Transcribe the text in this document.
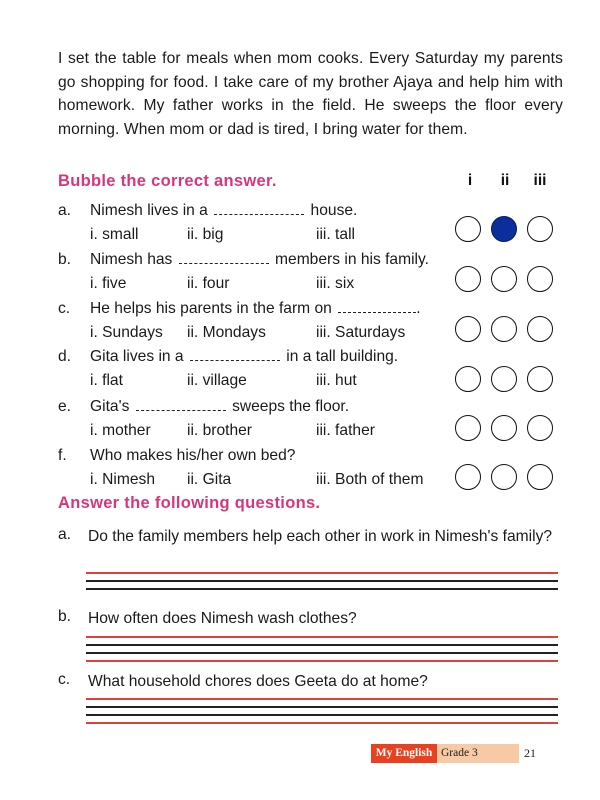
I set the table for meals when mom cooks. Every Saturday my parents go shopping for food. I take care of my brother Ajaya and help him with homework. My father works in the field. He sweeps the floor every morning. When mom or dad is tired, I bring water for them.

Bubble the correct answer.	i	ii	iii
a.	Nimesh lives in a	house.
i. small	ii. big	iii. tall
b.	Nimesh has	members in his family.
i. five	ii. four	iii. six
c.	He helps his parents in the farm on	.
i. Sundays ii. Mondays	iii. Saturdays
d.	Gita lives in a	in a tall building.
i. flat	ii. village	iii. hut
e.	Gita's	sweeps the floor.
i. mother ii. brother	iii. father
f.	Who makes his/her own bed?
i. Nimesh ii. Gita	iii. Both of them
Answer the following questions.
a.	Do the family members help each other in work in Nimesh's family?
b.	How often does Nimesh wash clothes?
c.	What household chores does Geeta do at home?
My English Grade 3	21
